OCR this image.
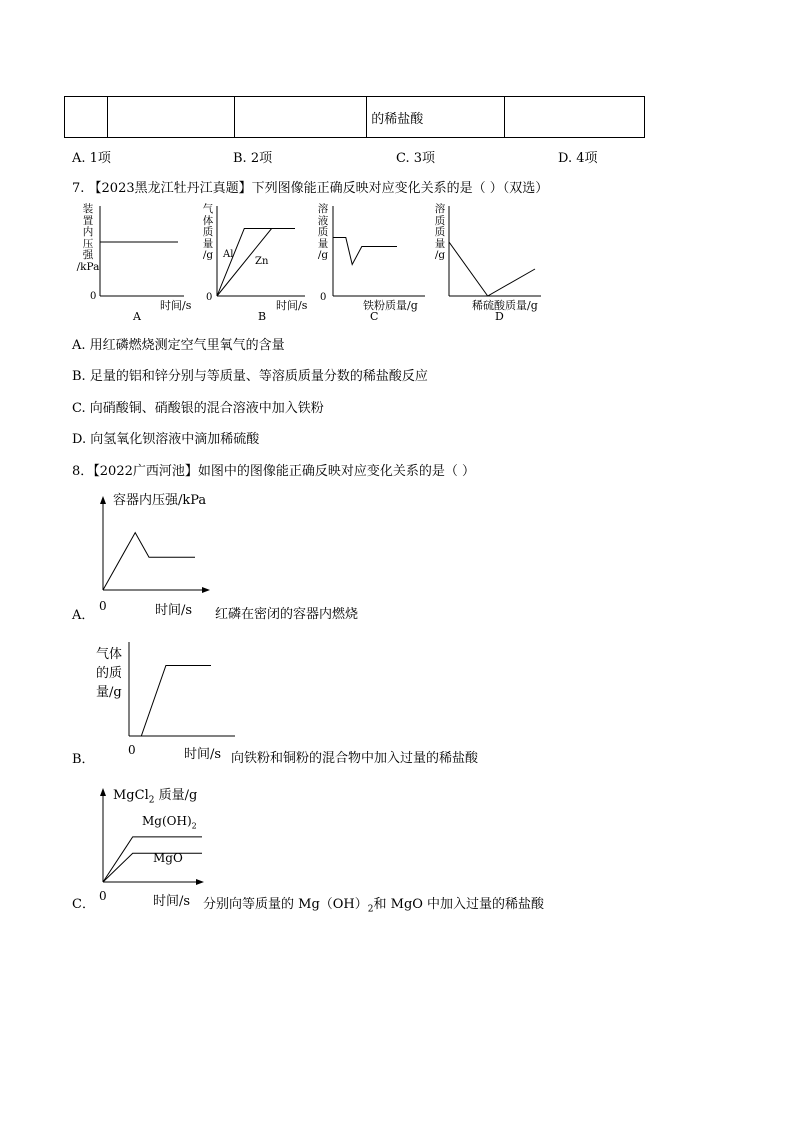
			的稀盐酸	
A. 1项	B. 2项	C. 3项	D. 4项
7. 【2023黑龙江牡丹江真题】下列图像能正确反映对应变化关系的是（ ）（双选）
装
置
内
压
强
/kPa
0
时间/s
A
气
体
质
量
/g Al
Zn
0
时间/s
B
溶
液
质
量
/g
0
铁粉质量/g
C
溶
质
质
量
/g
稀硫酸质量/g
D
A. 用红磷燃烧测定空气里氧气的含量
B. 足量的铝和锌分别与等质量、等溶质质量分数的稀盐酸反应
C. 向硝酸铜、硝酸银的混合溶液中加入铁粉
D. 向氢氧化钡溶液中滴加稀硫酸
8．【2022广西河池】如图中的图像能正确反映对应变化关系的是（ ）
容器内压强/kPa
A．
0	时间/s 红磷在密闭的容器内燃烧
气体
的质
量/g
B．
0	时间/s 向铁粉和铜粉的混合物中加入过量的稀盐酸
MgCl$_2$ 质量/g
$Mg(OH)_2$
MgO
C．
0	时间/s 分别向等质量的 $Mg(OH)_2$和 MgO 中加入过量的稀盐酸
